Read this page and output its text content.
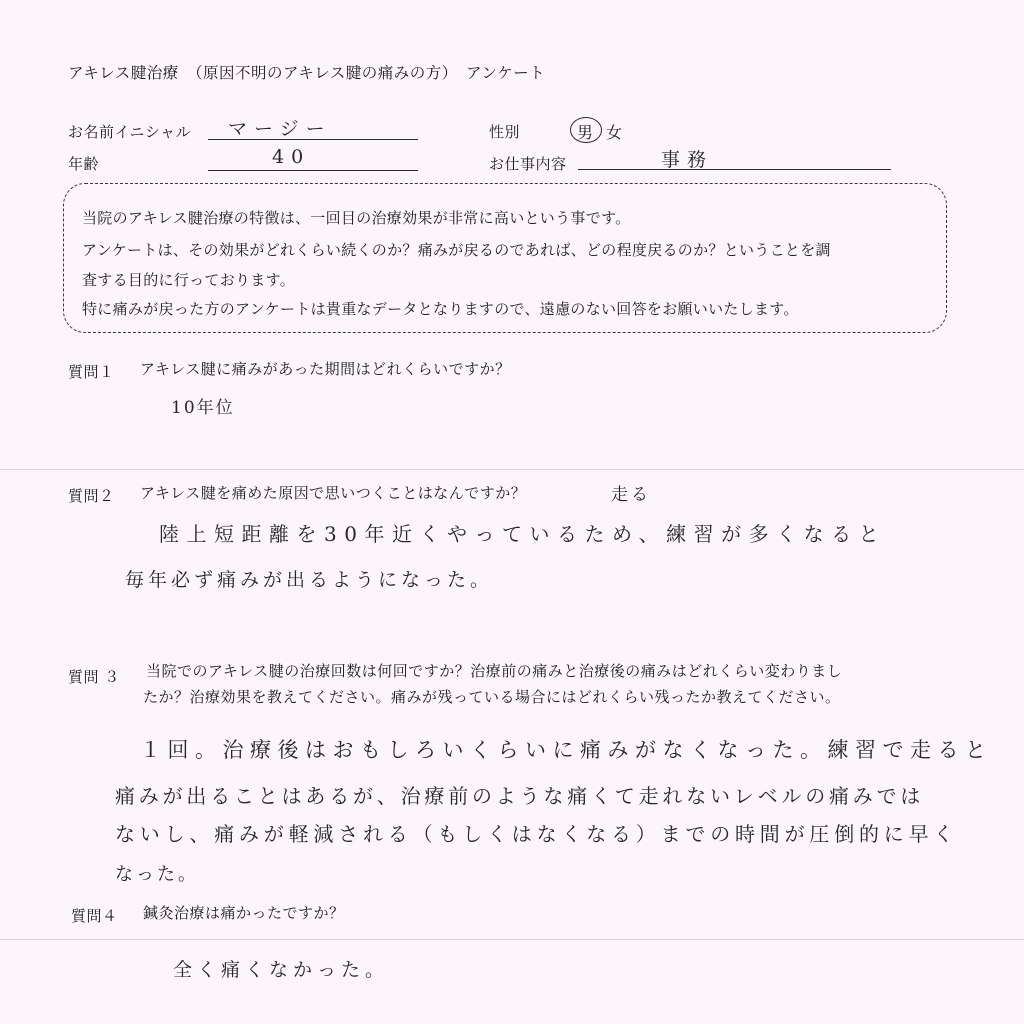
アキレス腱治療　（原因不明のアキレス腱の痛みの方）　アンケート
お名前イニシャル マージー
年齢	40
性別	男 女
お仕事内容	事務
当院のアキレス腱治療の特徴は、一回目の治療効果が非常に高いという事です。
アンケートは、その効果がどれくらい続くのか？痛みが戻るのであれば、どの程度戻るのか？ということを調
査する目的に行っております。
特に痛みが戻った方のアンケートは貴重なデータとなりますので、遠慮のない回答をお願いいたします。
質問１ アキレス腱に痛みがあった期間はどれくらいですか？
10年位
質問２ アキレス腱を痛めた原因で思いつくことはなんですか？	走る
陸上短距離を30年近くやっているため、練習が多くなると
毎年必ず痛みが出るようになった。
質問 ３ 当院でのアキレス腱の治療回数は何回ですか？治療前の痛みと治療後の痛みはどれくらい変わりまし
たか？治療効果を教えてください。痛みが残っている場合にはどれくらい残ったか教えてください。
１回。治療後はおもしろいくらいに痛みがなくなった。練習で走ると
痛みが出ることはあるが、治療前のような痛くて走れないレベルの痛みでは
ないし、痛みが軽減される（もしくはなくなる）までの時間が圧倒的に早く
なった。
質問４ 鍼灸治療は痛かったですか？
全く痛くなかった。
